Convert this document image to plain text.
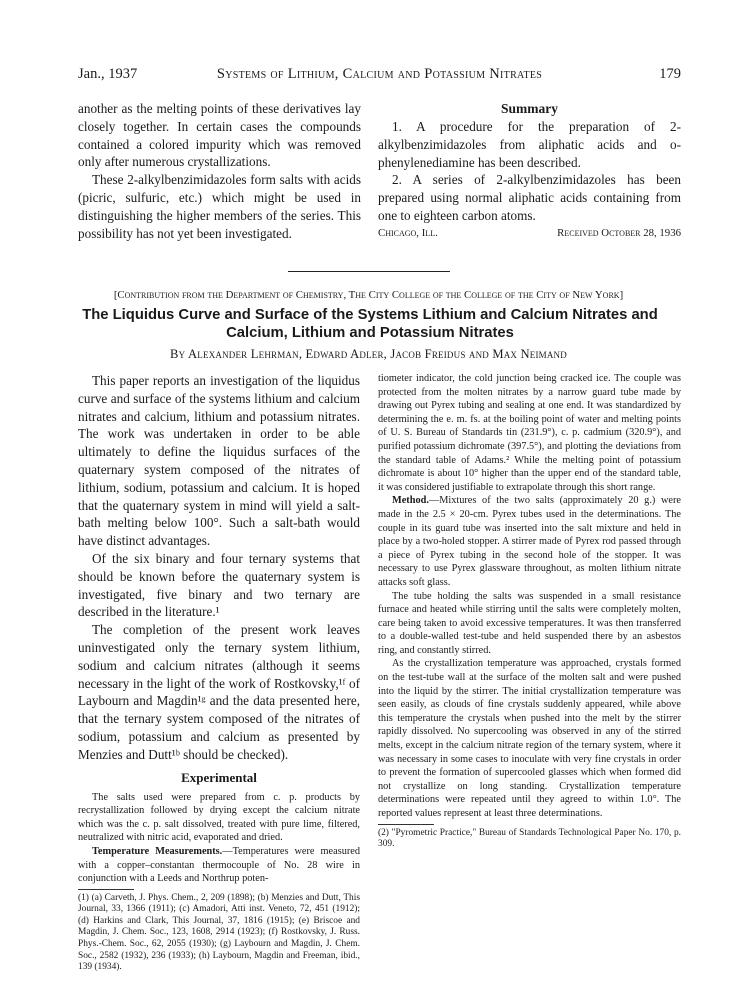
Jan., 1937	Systems of Lithium, Calcium and Potassium Nitrates	179

another as the melting points of these derivatives lay closely together. In certain cases the compounds contained a colored impurity which was removed only after numerous crystallizations.

These 2-alkylbenzimidazoles form salts with acids (picric, sulfuric, etc.) which might be used in distinguishing the higher members of the series. This possibility has not yet been investigated.

Summary

1. A procedure for the preparation of 2-alkylbenzimidazoles from aliphatic acids and o-phenylenediamine has been described.

2. A series of 2-alkylbenzimidazoles has been prepared using normal aliphatic acids containing from one to eighteen carbon atoms.

Chicago, Ill.	Received October 28, 1936
[Contribution from the Department of Chemistry, The City College of the College of the City of New York]
The Liquidus Curve and Surface of the Systems Lithium and Calcium Nitrates and Calcium, Lithium and Potassium Nitrates
By Alexander Lehrman, Edward Adler, Jacob Freidus and Max Neimand

This paper reports an investigation of the liquidus curve and surface of the systems lithium and calcium nitrates and calcium, lithium and potassium nitrates. The work was undertaken in order to be able ultimately to define the liquidus surfaces of the quaternary system composed of the nitrates of lithium, sodium, potassium and calcium. It is hoped that the quaternary system in mind will yield a salt-bath melting below 100°. Such a salt-bath would have distinct advantages.

Of the six binary and four ternary systems that should be known before the quaternary system is investigated, five binary and two ternary are described in the literature.¹

The completion of the present work leaves uninvestigated only the ternary system lithium, sodium and calcium nitrates (although it seems necessary in the light of the work of Rostkovsky,¹ᶠ of Laybourn and Magdin¹ᵍ and the data presented here, that the ternary system composed of the nitrates of sodium, potassium and calcium as presented by Menzies and Dutt¹ᵇ should be checked).

Experimental

The salts used were prepared from c. p. products by recrystallization followed by drying except the calcium nitrate which was the c. p. salt dissolved, treated with pure lime, filtered, neutralized with nitric acid, evaporated and dried.

Temperature Measurements.—Temperatures were measured with a copper–constantan thermocouple of No. 28 wire in conjunction with a Leeds and Northrup poten-

(1) (a) Carveth, J. Phys. Chem., 2, 209 (1898); (b) Menzies and Dutt, This Journal, 33, 1366 (1911); (c) Amadori, Atti inst. Veneto, 72, 451 (1912); (d) Harkins and Clark, This Journal, 37, 1816 (1915); (e) Briscoe and Magdin, J. Chem. Soc., 123, 1608, 2914 (1923); (f) Rostkovsky, J. Russ. Phys.-Chem. Soc., 62, 2055 (1930); (g) Laybourn and Magdin, J. Chem. Soc., 2582 (1932), 236 (1933); (h) Laybourn, Magdin and Freeman, ibid., 139 (1934).

tiometer indicator, the cold junction being cracked ice. The couple was protected from the molten nitrates by a narrow guard tube made by drawing out Pyrex tubing and sealing at one end. It was standardized by determining the e. m. fs. at the boiling point of water and melting points of U. S. Bureau of Standards tin (231.9°), c. p. cadmium (320.9°), and purified potassium dichromate (397.5°), and plotting the deviations from the standard table of Adams.² While the melting point of potassium dichromate is about 10° higher than the upper end of the standard table, it was considered justifiable to extrapolate through this short range.

Method.—Mixtures of the two salts (approximately 20 g.) were made in the 2.5 × 20-cm. Pyrex tubes used in the determinations. The couple in its guard tube was inserted into the salt mixture and held in place by a two-holed stopper. A stirrer made of Pyrex rod passed through a piece of Pyrex tubing in the second hole of the stopper. It was necessary to use Pyrex glassware throughout, as molten lithium nitrate attacks soft glass.

The tube holding the salts was suspended in a small resistance furnace and heated while stirring until the salts were completely molten, care being taken to avoid excessive temperatures. It was then transferred to a double-walled test-tube and held suspended there by an asbestos ring, and constantly stirred.

As the crystallization temperature was approached, crystals formed on the test-tube wall at the surface of the molten salt and were pushed into the liquid by the stirrer. The initial crystallization temperature was seen easily, as clouds of fine crystals suddenly appeared, while above this temperature the crystals when pushed into the melt by the stirrer rapidly dissolved. No supercooling was observed in any of the stirred melts, except in the calcium nitrate region of the ternary system, where it was necessary in some cases to inoculate with very fine crystals in order to prevent the formation of supercooled glasses which when formed did not crystallize on long standing. Crystallization temperature determinations were repeated until they agreed to within 1.0°. The reported values represent at least three determinations.

(2) "Pyrometric Practice," Bureau of Standards Technological Paper No. 170, p. 309.
